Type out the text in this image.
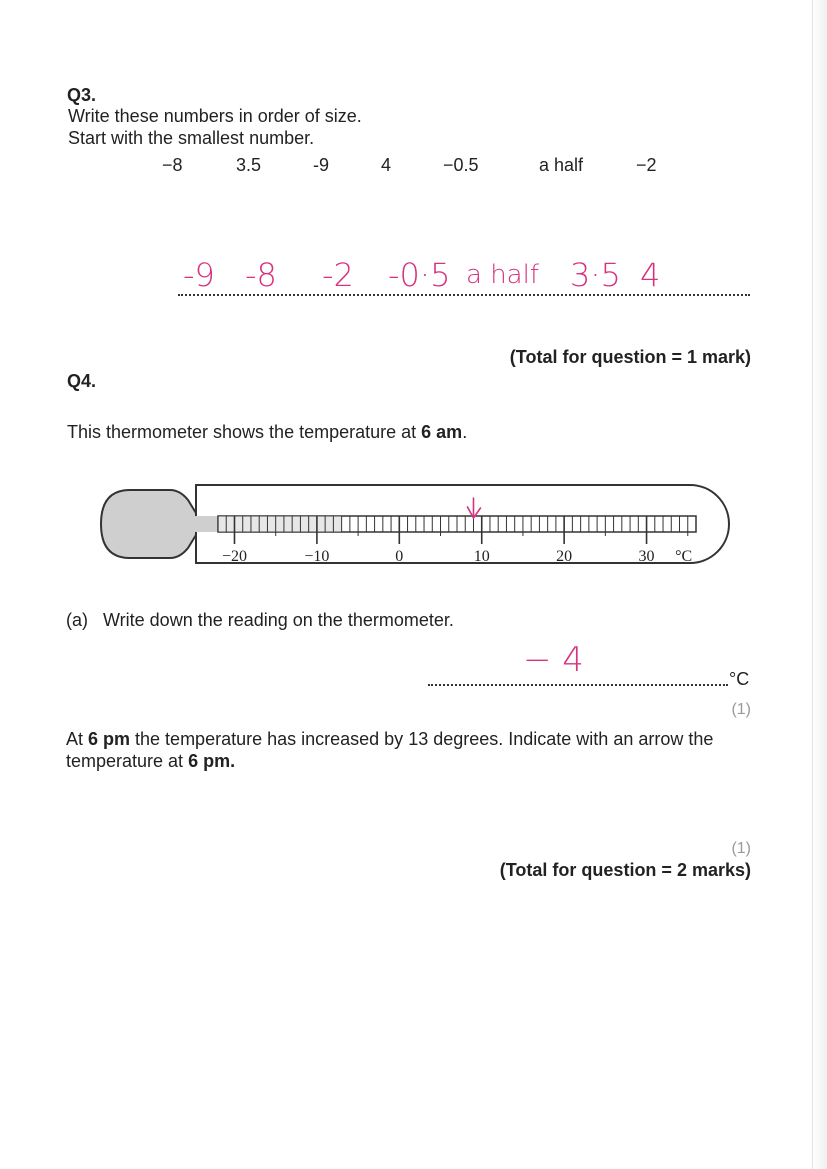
Q3.
Write these numbers in order of size.
Start with the smallest number.
−8	3.5	-9	4	−0.5	a half	−2
-9 -8 -2 -0·5 a half 3·5 4
(Total for question = 1 mark)
Q4.
This thermometer shows the temperature at 6 am.
−20	−10	0	10	20	30 °C
(a) Write down the reading on the thermometer.
− 4	°C
(1)
At 6 pm the temperature has increased by 13 degrees. Indicate with an arrow the
temperature at 6 pm.
(1)
(Total for question = 2 marks)
